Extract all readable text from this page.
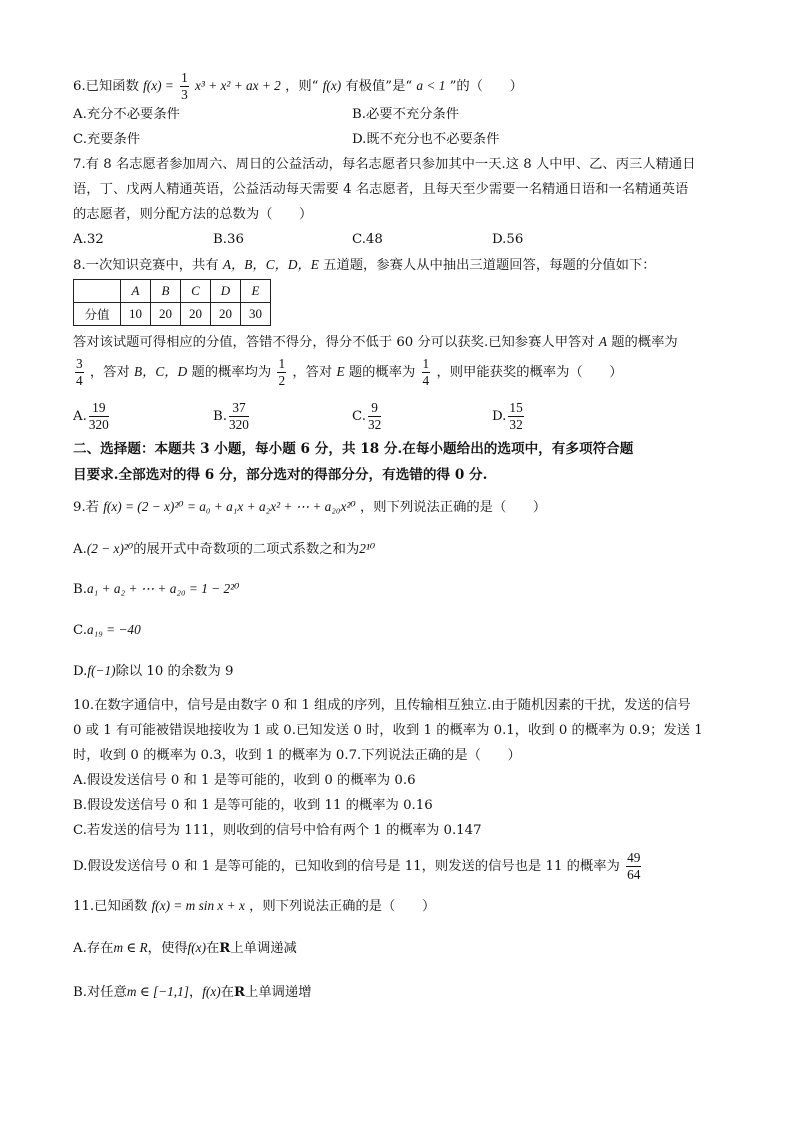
6.已知函数 $f(x) = \frac{1}{3} x^3 + x^2$ + ax + 2 ，则“ f(x) 有极值”是“ a < 1 ”的（　　）
A.充分不必要条件	B.必要不充分条件
C.充要条件	D.既不充分也不必要条件
7.有 8 名志愿者参加周六、周日的公益活动，每名志愿者只参加其中一天.这 8 人中甲、乙、丙三人精通日
语，丁、戊两人精通英语，公益活动每天需要 4 名志愿者，且每天至少需要一名精通日语和一名精通英语
的志愿者，则分配方法的总数为（　　）
A.32	B.36	C.48	D.56
8.一次知识竞赛中，共有 A，B，C，D，E 五道题，参赛人从中抽出三道题回答，每题的分值如下：
	A	B	C	D	E
分值	10	20	20	20	30
答对该试题可得相应的分值，答错不得分，得分不低于 60 分可以获奖.已知参赛人甲答对 A 题的概率为
$\frac{3}{4}$ ，答对 B，C，D 题的概率均为 $\frac{1}{2}$ ，答对 E 题的概率为 $\frac{1}{4}$ ，则甲能获奖的概率为（　　）
A. $\frac{19}{320}$	B. $\frac{37}{320}$	C. $\frac{9}{32}$	D. $\frac{15}{32}$
二、选择题：本题共 3 小题，每小题 6 分，共 18 分.在每小题给出的选项中，有多项符合题
目要求.全部选对的得 6 分，部分选对的得部分分，有选错的得 0 分.
9.若 f(x) = (2 − x)²⁰ = a₀ + a₁x + a₂x² + ⋯ + a₂₀x²⁰ ，则下列说法正确的是（　　）
A.(2 − x)²⁰的展开式中奇数项的二项式系数之和为2¹⁰
B.a₁ + a₂ + ⋯ + a₂₀ = 1 − 2²⁰
C.a₁₉ = −40
D.f(−1)除以 10 的余数为 9
10.在数字通信中，信号是由数字 0 和 1 组成的序列，且传输相互独立.由于随机因素的干扰，发送的信号
0 或 1 有可能被错误地接收为 1 或 0.已知发送 0 时，收到 1 的概率为 0.1，收到 0 的概率为 0.9；发送 1
时，收到 0 的概率为 0.3，收到 1 的概率为 0.7.下列说法正确的是（　　）
A.假设发送信号 0 和 1 是等可能的，收到 0 的概率为 0.6
B.假设发送信号 0 和 1 是等可能的，收到 11 的概率为 0.16
C.若发送的信号为 111，则收到的信号中恰有两个 1 的概率为 0.147
D.假设发送信号 0 和 1 是等可能的，已知收到的信号是 11，则发送的信号也是 11 的概率为 $\frac{49}{64}$
11.已知函数 f(x) = m sin x + x ，则下列说法正确的是（　　）
A.存在m ∈ R，使得f(x)在R上单调递减
B.对任意m ∈ [−1,1]，f(x)在R上单调递增
